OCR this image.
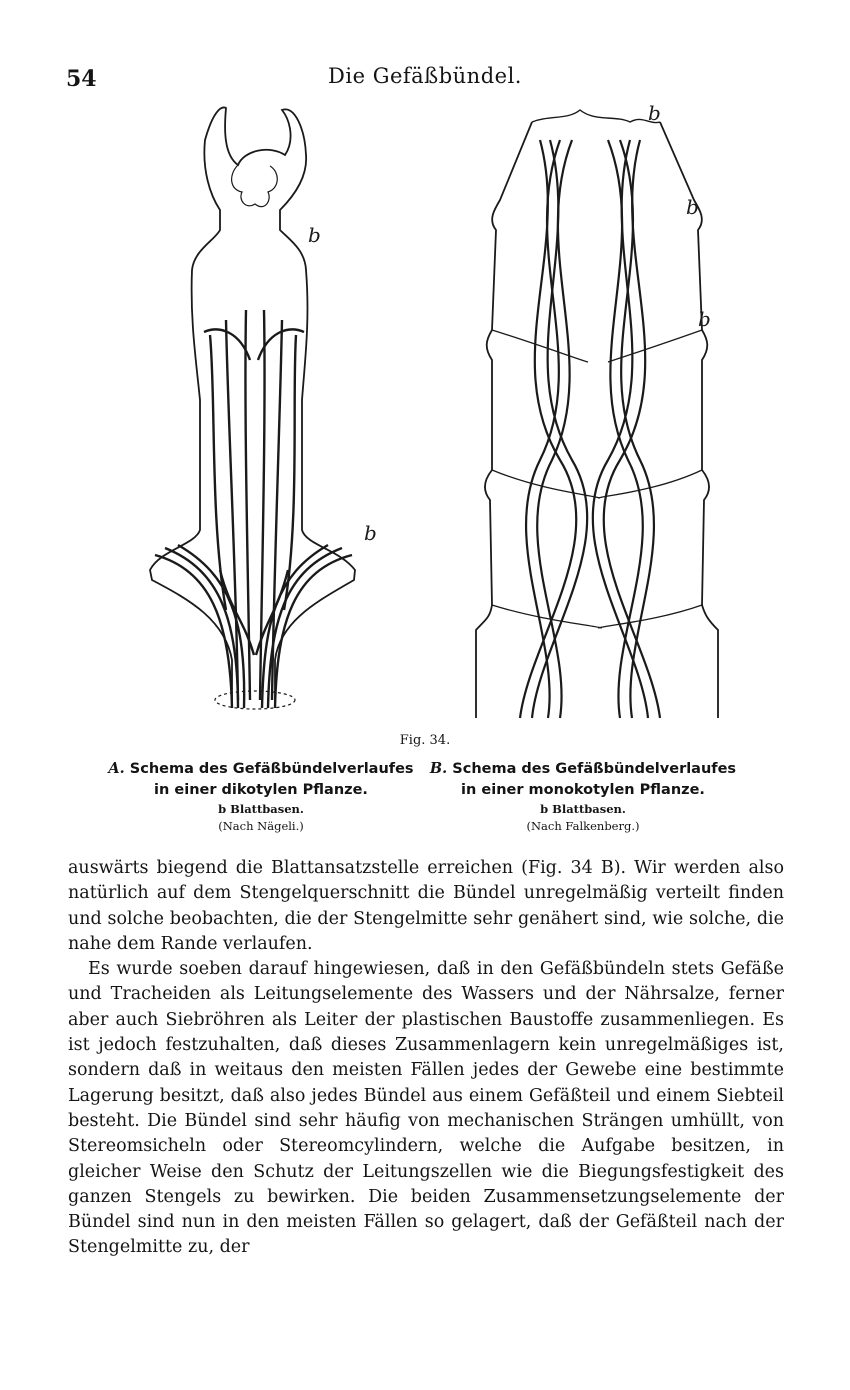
54	Die Gefäßbündel.
b
b
b
b
b
Fig. 34.
A. Schema des Gefäßbündelverlaufes
in einer dikotylen Pflanze.
b Blattbasen.
(Nach Nägeli.)
B. Schema des Gefäßbündelverlaufes
in einer monokotylen Pflanze.
b Blattbasen.
(Nach Falkenberg.)

auswärts biegend die Blattansatzstelle erreichen (Fig. 34 B). Wir werden also natürlich auf dem Stengelquerschnitt die Bündel unregelmäßig verteilt finden und solche beobachten, die der Stengelmitte sehr genähert sind, wie solche, die nahe dem Rande verlaufen.

Es wurde soeben darauf hingewiesen, daß in den Gefäßbündeln stets Gefäße und Tracheiden als Leitungselemente des Wassers und der Nährsalze, ferner aber auch Siebröhren als Leiter der plastischen Baustoffe zusammenliegen. Es ist jedoch festzuhalten, daß dieses Zusammenlagern kein unregelmäßiges ist, sondern daß in weitaus den meisten Fällen jedes der Gewebe eine bestimmte Lagerung besitzt, daß also jedes Bündel aus einem Gefäßteil und einem Siebteil besteht. Die Bündel sind sehr häufig von mechanischen Strängen umhüllt, von Stereomsicheln oder Stereomcylindern, welche die Aufgabe besitzen, in gleicher Weise den Schutz der Leitungszellen wie die Biegungsfestigkeit des ganzen Stengels zu bewirken. Die beiden Zusammensetzungselemente der Bündel sind nun in den meisten Fällen so gelagert, daß der Gefäßteil nach der Stengelmitte zu, der
